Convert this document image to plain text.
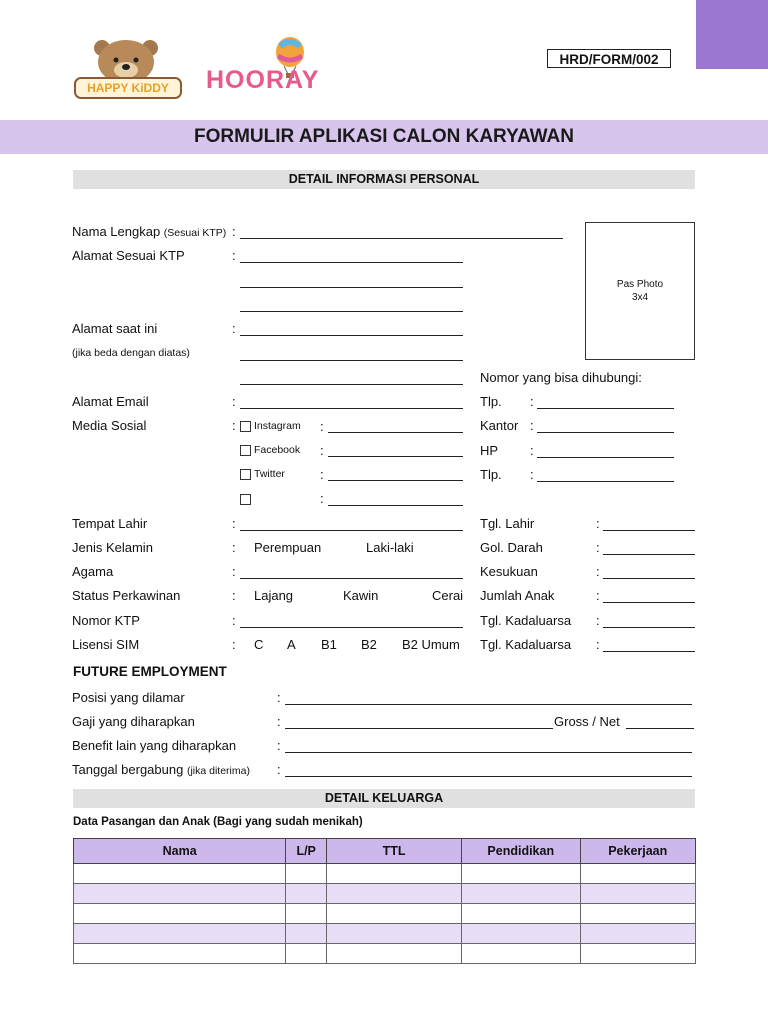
HAPPY KiDDY	HOORAY
HRD/FORM/002
FORMULIR APLIKASI CALON KARYAWAN
DETAIL INFORMASI PERSONAL
Pas Photo
3x4
Nama Lengkap (Sesuai KTP) :
Alamat Sesuai KTP	:
Alamat saat ini	:
(jika beda dengan diatas)
Nomor yang bisa dihubungi:
Alamat Email	:
Media Sosial	: Instagram :
Facebook :
Twitter	:
:
Tlp. :
Kantor :
HP :
Tlp. :
Tempat Lahir	:	Tgl. Lahir	:
Jenis Kelamin	: Perempuan	Laki-laki	Gol. Darah	:
Agama	:	Kesukuan	:
Status Perkawinan	: Lajang	Kawin	Cerai Jumlah Anak	:
Nomor KTP	:	Tgl. Kadaluarsa :
Lisensi SIM	: C A B1 B2 B2 Umum Tgl. Kadaluarsa :
FUTURE EMPLOYMENT
Posisi yang dilamar	:
Gaji yang diharapkan	:	Gross / Net
Benefit lain yang diharapkan	:
Tanggal bergabung (jika diterima) :
DETAIL KELUARGA
Data Pasangan dan Anak (Bagi yang sudah menikah)
Nama	L/P	TTL	Pendidikan	Pekerjaan
